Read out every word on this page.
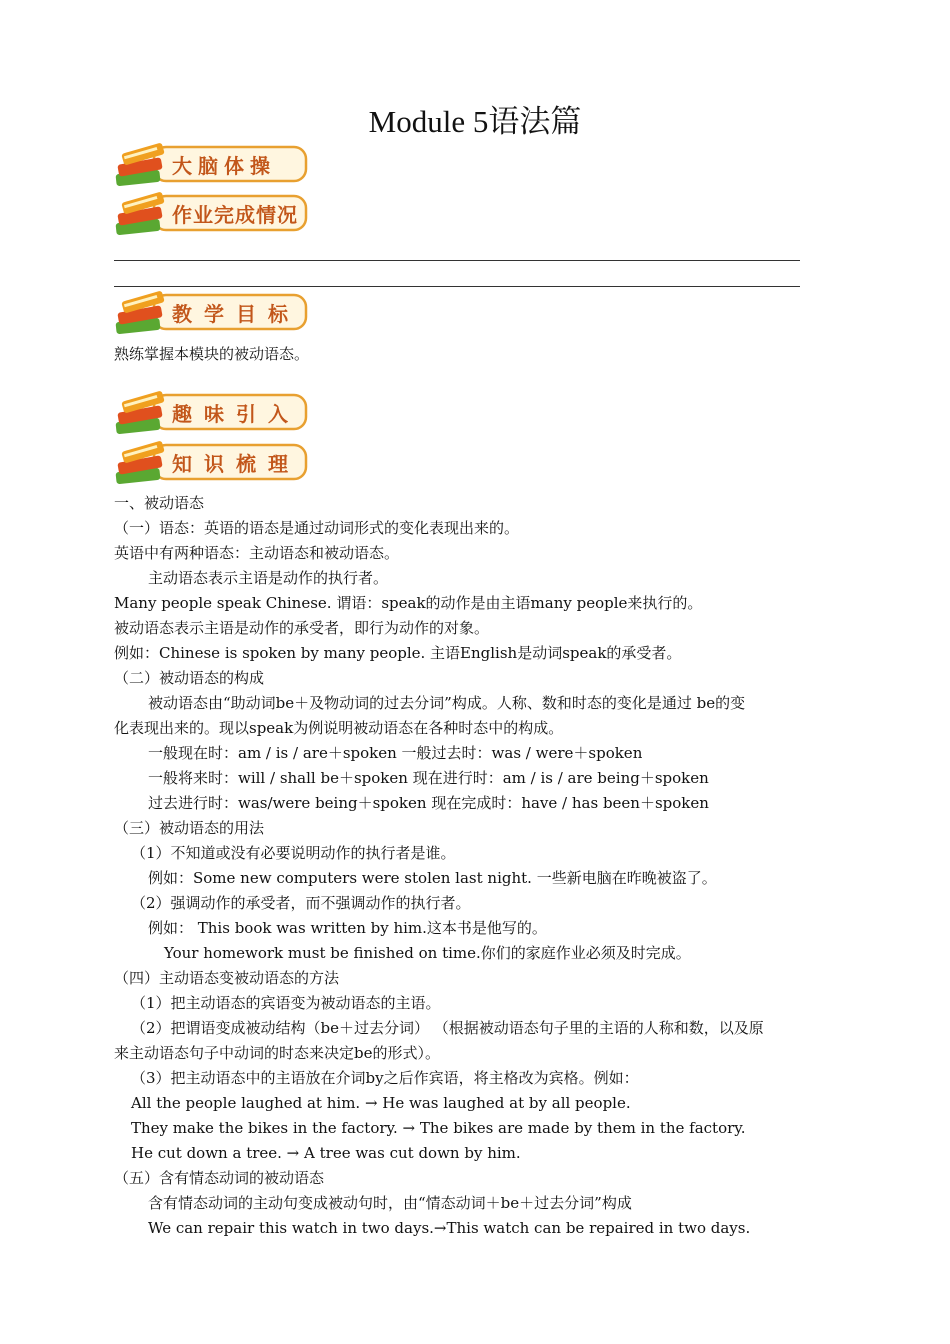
Module 5语法篇
大脑体操
作业完成情况
教学目标
熟练掌握本模块的被动语态。
趣味引入
知识梳理
一、被动语态
（一）语态：英语的语态是通过动词形式的变化表现出来的。
英语中有两种语态：主动语态和被动语态。
主动语态表示主语是动作的执行者。
Many people speak Chinese. 谓语：speak的动作是由主语many people来执行的。
被动语态表示主语是动作的承受者，即行为动作的对象。
例如：Chinese is spoken by many people. 主语English是动词speak的承受者。
（二）被动语态的构成
被动语态由“助动词be＋及物动词的过去分词”构成。人称、数和时态的变化是通过 be的变
化表现出来的。现以speak为例说明被动语态在各种时态中的构成。
一般现在时：am / is / are＋spoken 一般过去时：was / were＋spoken
一般将来时：will / shall be＋spoken 现在进行时：am / is / are being＋spoken
过去进行时：was/were being＋spoken 现在完成时：have / has been＋spoken
（三）被动语态的用法
（1）不知道或没有必要说明动作的执行者是谁。
例如：Some new computers were stolen last night. 一些新电脑在昨晚被盗了。
（2）强调动作的承受者，而不强调动作的执行者。
例如： This book was written by him.这本书是他写的。
Your homework must be finished on time.你们的家庭作业必须及时完成。
（四）主动语态变被动语态的方法
（1）把主动语态的宾语变为被动语态的主语。
（2）把谓语变成被动结构（be＋过去分词） （根据被动语态句子里的主语的人称和数，以及原
来主动语态句子中动词的时态来决定be的形式）。
（3）把主动语态中的主语放在介词by之后作宾语，将主格改为宾格。例如：
All the people laughed at him. → He was laughed at by all people.
They make the bikes in the factory. → The bikes are made by them in the factory.
He cut down a tree. → A tree was cut down by him.
（五）含有情态动词的被动语态
含有情态动词的主动句变成被动句时，由“情态动词＋be＋过去分词”构成
We can repair this watch in two days.→This watch can be repaired in two days.
